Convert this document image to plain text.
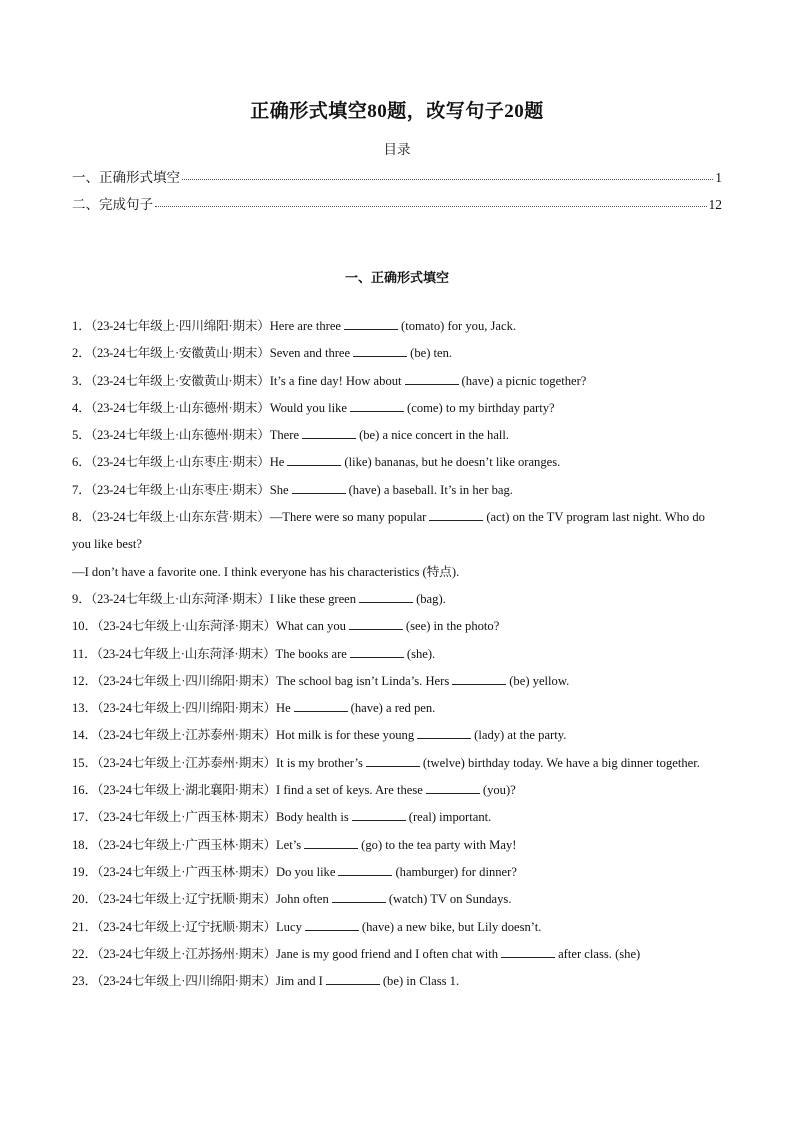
正确形式填空80题，改写句子20题
目录
一、正确形式填空	1
二、完成句子	12
一、正确形式填空
1．（23-24七年级上·四川绵阳·期末）Here are three	(tomato) for you, Jack.
2．（23-24七年级上·安徽黄山·期末）Seven and three	(be) ten.
3．（23-24七年级上·安徽黄山·期末）It’s a fine day! How about	(have) a picnic together?
4．（23-24七年级上·山东德州·期末）Would you like	(come) to my birthday party?
5．（23-24七年级上·山东德州·期末）There	(be) a nice concert in the hall.
6．（23-24七年级上·山东枣庄·期末）He	(like) bananas, but he doesn’t like oranges.
7．（23-24七年级上·山东枣庄·期末）She	(have) a baseball. It’s in her bag.
8．（23-24七年级上·山东东营·期末）—There were so many popular	(act) on the TV program last night. Who do you like best?
—I don’t have a favorite one. I think everyone has his characteristics (特点).
9．（23-24七年级上·山东菏泽·期末）I like these green	(bag).
10．（23-24七年级上·山东菏泽·期末）What can you	(see) in the photo?
11．（23-24七年级上·山东菏泽·期末）The books are	(she).
12．（23-24七年级上·四川绵阳·期末）The school bag isn’t Linda’s. Hers	(be) yellow.
13．（23-24七年级上·四川绵阳·期末）He	(have) a red pen.
14．（23-24七年级上·江苏泰州·期末）Hot milk is for these young	(lady) at the party.
15．（23-24七年级上·江苏泰州·期末）It is my brother’s	(twelve) birthday today. We have a big dinner together.
16．（23-24七年级上·湖北襄阳·期末）I find a set of keys. Are these	(you)?
17．（23-24七年级上·广西玉林·期末）Body health is	(real) important.
18．（23-24七年级上·广西玉林·期末）Let’s	(go) to the tea party with May!
19．（23-24七年级上·广西玉林·期末）Do you like	(hamburger) for dinner?
20．（23-24七年级上·辽宁抚顺·期末）John often	(watch) TV on Sundays.
21．（23-24七年级上·辽宁抚顺·期末）Lucy	(have) a new bike, but Lily doesn’t.
22．（23-24七年级上·江苏扬州·期末）Jane is my good friend and I often chat with	after class. (she)
23．（23-24七年级上·四川绵阳·期末）Jim and I	(be) in Class 1.
